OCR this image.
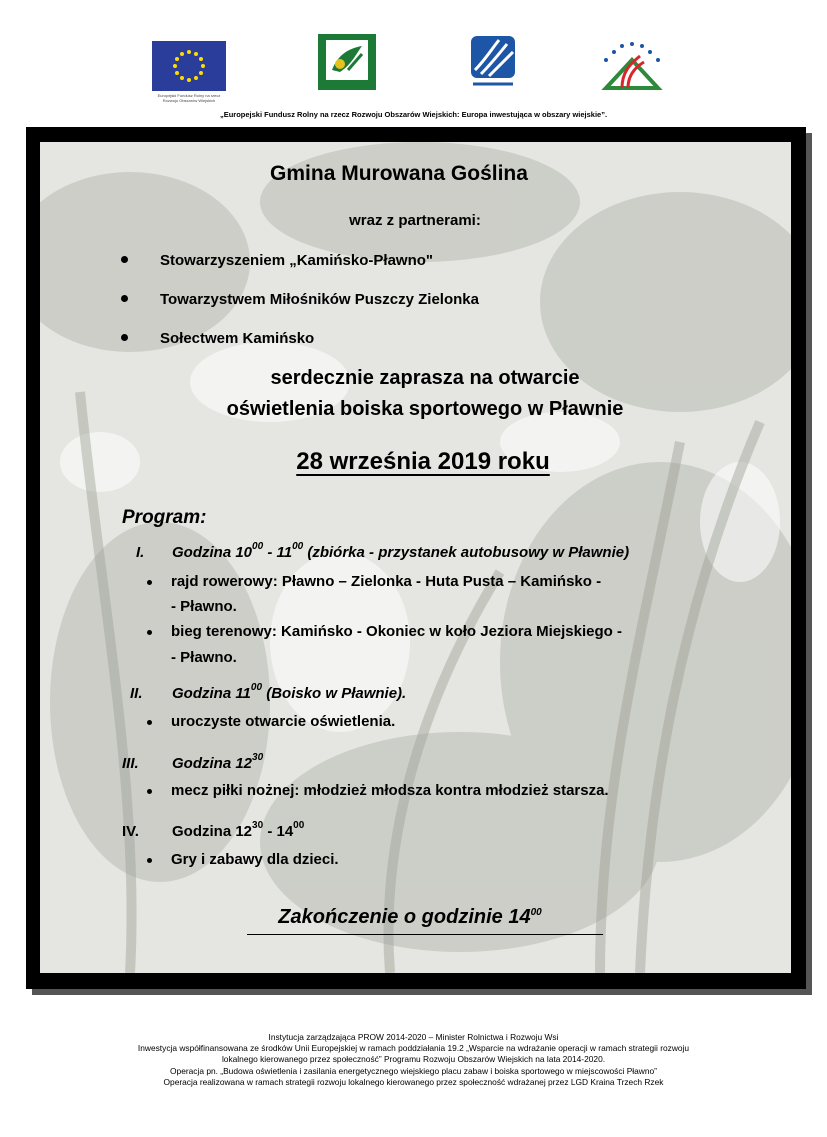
Europejski Fundusz Rolny na rzecz Rozwoju Obszarów Wiejskich
„Europejski Fundusz Rolny na rzecz Rozwoju Obszarów Wiejskich: Europa inwestująca w obszary wiejskie”.
Gmina Murowana Goślina
wraz z partnerami:
Stowarzyszeniem „Kamińsko-Pławno"
Towarzystwem Miłośników Puszczy Zielonka
Sołectwem Kamińsko
serdecznie zaprasza na otwarcie
oświetlenia boiska sportowego w Pławnie
28 września 2019 roku
Program:
I. Godzina $10^{00} - 11^{00}$ (zbiórka - przystanek autobusowy w Pławnie)
rajd rowerowy: Pławno – Zielonka - Huta Pusta – Kamińsko -
- Pławno.
bieg terenowy: Kamińsko - Okoniec w koło Jeziora Miejskiego -
- Pławno.
II. Godzina $11^{00}$ (Boisko w Pławnie).
uroczyste otwarcie oświetlenia.
III. Godzina $12^{30}$
mecz piłki nożnej: młodzież młodsza kontra młodzież starsza.
IV. Godzina $12^{30} - 14^{00}$
Gry i zabawy dla dzieci.
Zakończenie o godzinie $14^{00}$
Instytucja zarządzająca PROW 2014-2020 – Minister Rolnictwa i Rozwoju Wsi
Inwestycja współfinansowana ze środków Unii Europejskiej w ramach poddziałania 19.2 „Wsparcie na wdrażanie operacji w ramach strategii rozwoju
lokalnego kierowanego przez społeczność” Programu Rozwoju Obszarów Wiejskich na lata 2014-2020.
Operacja pn. „Budowa oświetlenia i zasilania energetycznego wiejskiego placu zabaw i boiska sportowego w miejscowości Pławno”
Operacja realizowana w ramach strategii rozwoju lokalnego kierowanego przez społeczność wdrażanej przez LGD Kraina Trzech Rzek
